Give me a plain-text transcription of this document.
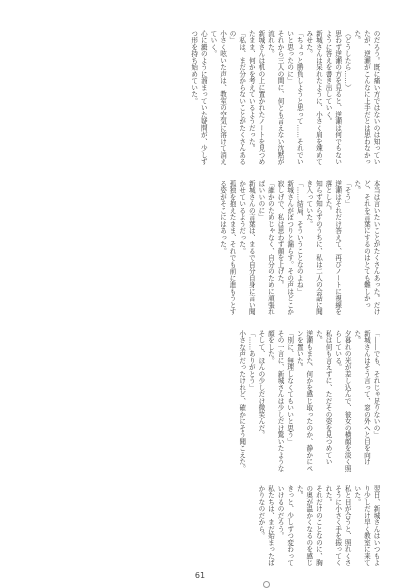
のだろう。既に痛い方ではないのは知っていたが、逆瀬がこんなに上手だとは思わなかった。
（どうしたら……）
思わず逆瀬の方を見ると、逆瀬は何でもないように答えを書き出していく。
新城さんは呆れたように、小さく肩を竦めてみせた。
「ちょっと勝負しようと思って……それでいいと思ったのに」
それから三人の間に、何とも言えない沈黙が流れた。
新城さんは机の上に置かれたノートを見つめたまま、何かを考えているようだった。
「私は、まだ分からないことがたくさんあるの」
小さく呟いた声は、教室の空気に溶けて消えていく。
心に澱のように溜まっていた疑問が、少しずつ形を持ち始めていた。

本当は言いたいことがたくさんあった。だけど、それを言葉にするのはとても難しかった。
「そう」
逆瀬はそれだけ答えて、再びノートに視線を落とした。
知らず知らずのうちに、私は二人の会話に聞き入っていた。
「……結局、そういうことなのよね」
新城さんがぽつりと漏らす。その声はどこか寂しげで、私は思わず顔を上げた。
「誰かのためじゃなく、自分のために頑張ればいいのに」
新城さんの言葉は、まるで自分自身に言い聞かせているようだった。
孤独を抱えたまま、それでも前に進もうとする姿がそこにはあった。

「――でも、それじゃ足りないの」
新城さんはそう言って、窓の外へと目を向けた。
夕暮れの光が差し込んで、彼女の横顔を淡く照らしている。
私は何も言えずに、ただその姿を見つめていた。
逆瀬もまた、何かを感じ取ったのか、静かにペンを置いた。
「別に、無理しなくてもいいと思う」
その一言に、新城さんは少しだけ驚いたような顔をした。
そして、ほんの少しだけ微笑んだ。
「……ありがとう」
小さな声だったけれど、確かにそう聞こえた。

翌日、新城さんはいつもより少しだけ早く教室に来ていた。
私と目が合うと、照れくさそうに小さく手を振ってくれた。
それだけのことなのに、胸の奥が温かくなるのを感じた。
きっと、少しずつ変わっていけるのだろう。
私たちは、まだ始まったばかりなのだから。

61
